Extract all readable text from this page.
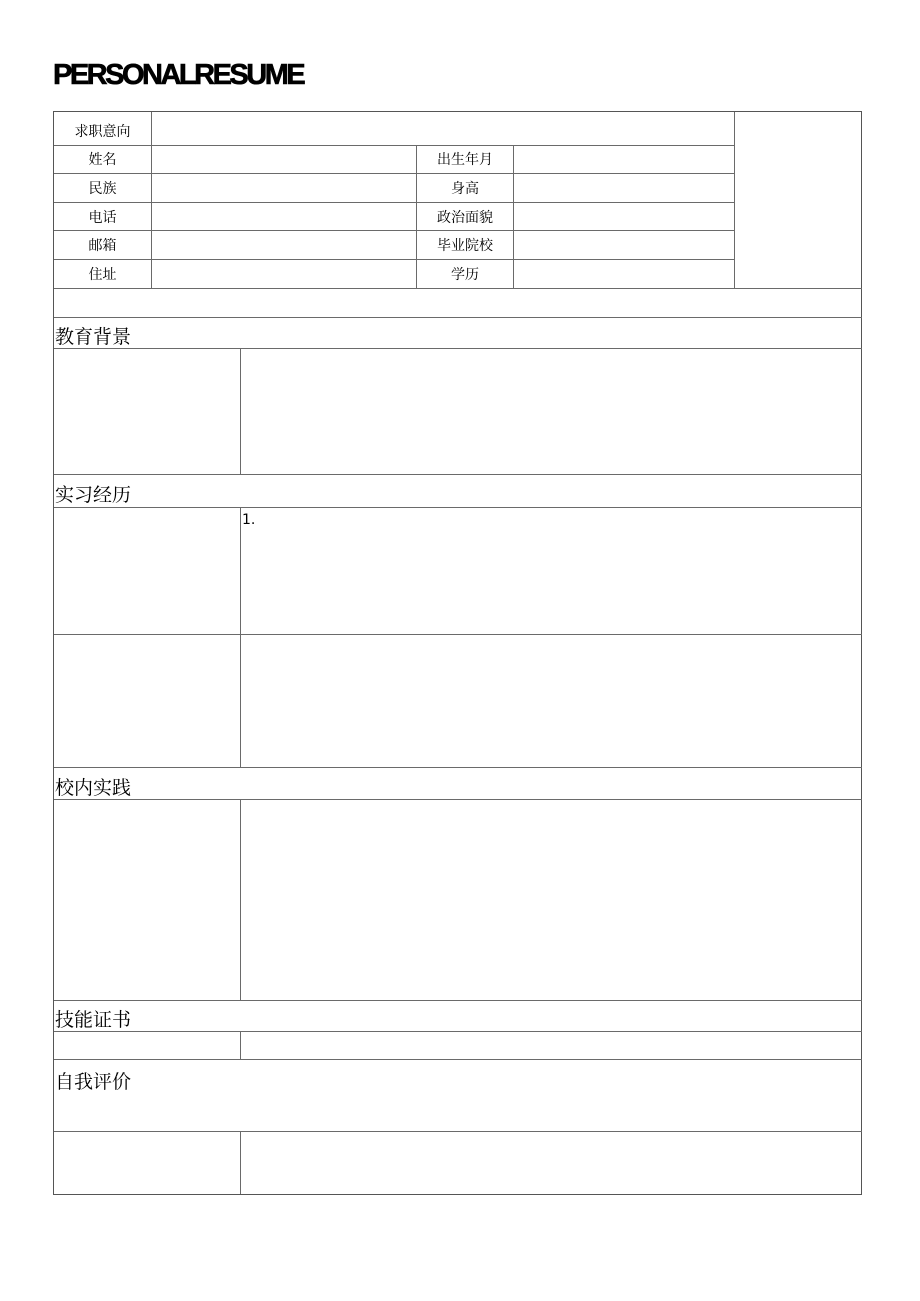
PERSONALRESUME
求职意向
姓名	出生年月
民族	身高
电话	政治面貌
邮箱	毕业院校
住址	学历
教育背景
实习经历
1.
校内实践
技能证书
自我评价
